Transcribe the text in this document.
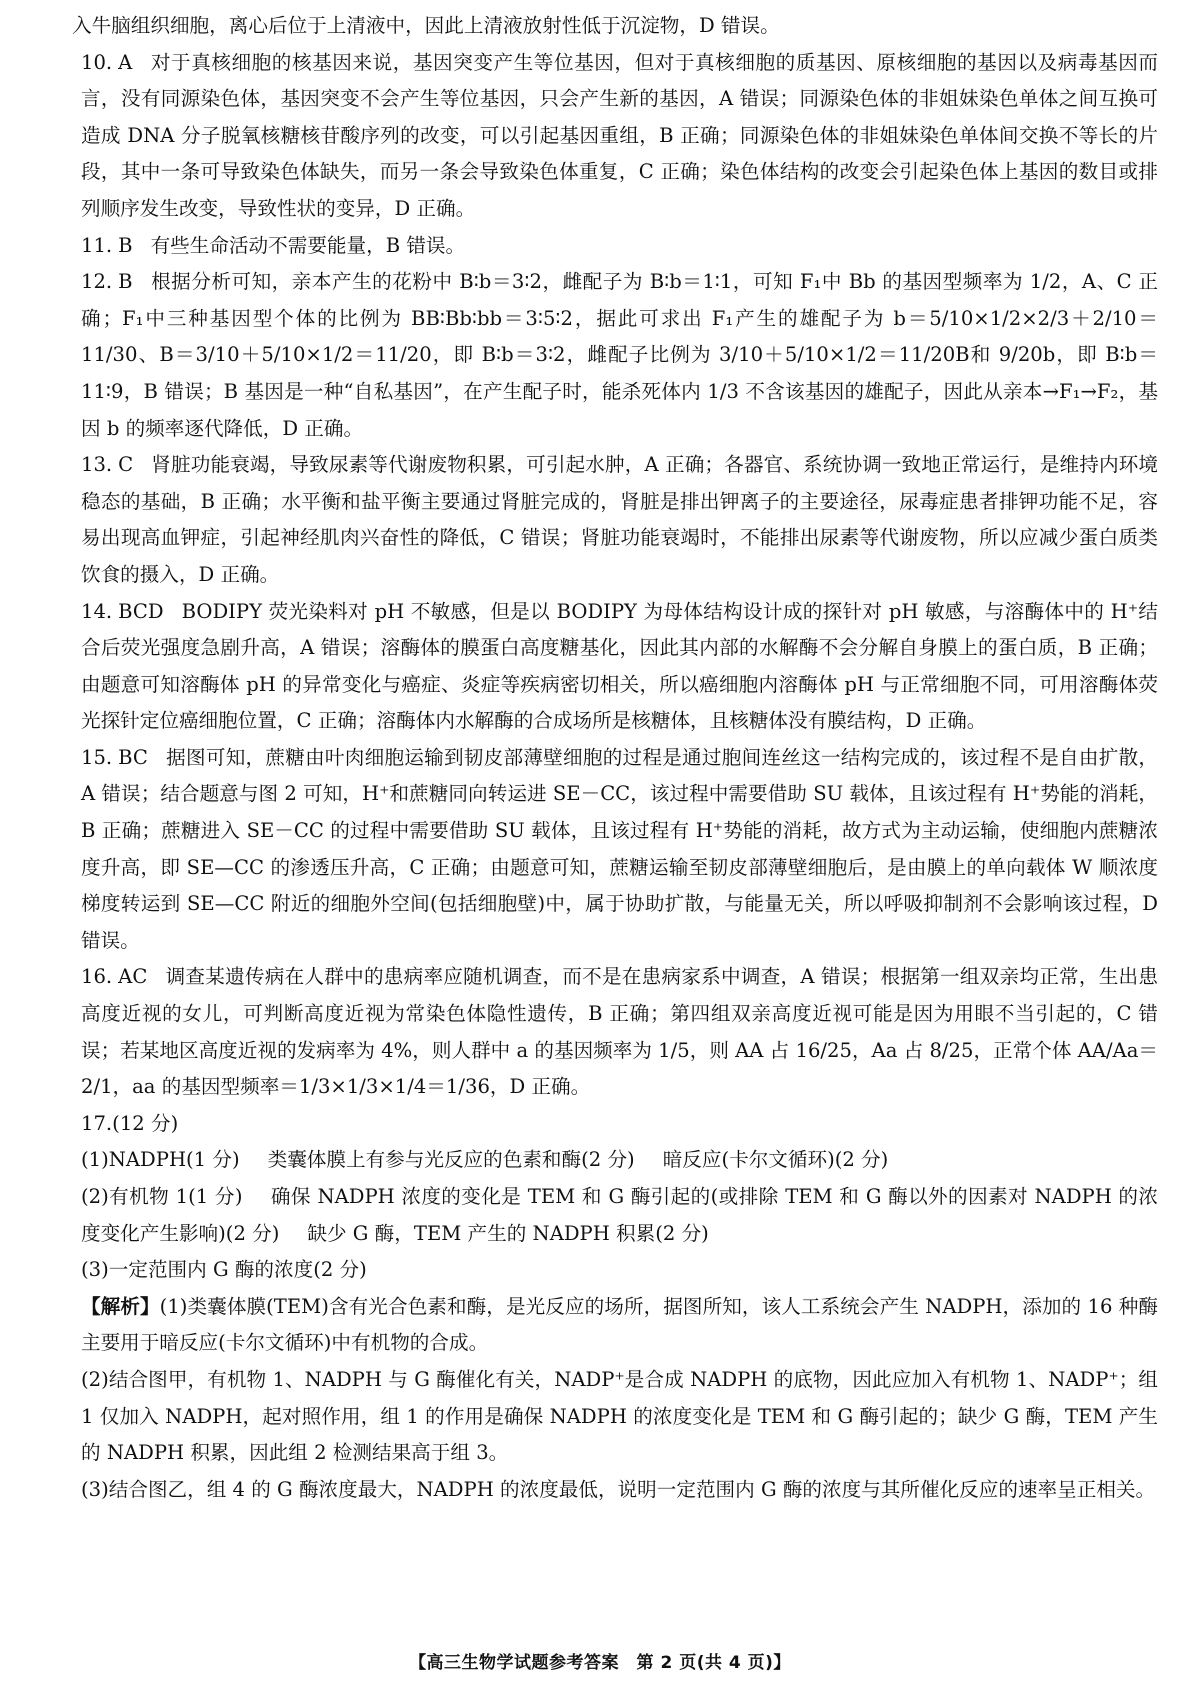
入牛脑组织细胞，离心后位于上清液中，因此上清液放射性低于沉淀物，D 错误。

10. A 对于真核细胞的核基因来说，基因突变产生等位基因，但对于真核细胞的质基因、原核细胞的基因以及病毒基因而言，没有同源染色体，基因突变不会产生等位基因，只会产生新的基因，A 错误；同源染色体的非姐妹染色单体之间互换可造成 DNA 分子脱氧核糖核苷酸序列的改变，可以引起基因重组，B 正确；同源染色体的非姐妹染色单体间交换不等长的片段，其中一条可导致染色体缺失，而另一条会导致染色体重复，C 正确；染色体结构的改变会引起染色体上基因的数目或排列顺序发生改变，导致性状的变异，D 正确。

11. B 有些生命活动不需要能量，B 错误。

12. B 根据分析可知，亲本产生的花粉中 B∶b＝3∶2，雌配子为 B∶b＝1∶1，可知 F₁中 Bb 的基因型频率为 1/2，A、C 正确；F₁中三种基因型个体的比例为 BB∶Bb∶bb＝3∶5∶2，据此可求出 F₁产生的雄配子为 b＝5/10×1/2×2/3＋2/10＝11/30、B＝3/10＋5/10×1/2＝11/20，即 B∶b＝3∶2，雌配子比例为 3/10＋5/10×1/2＝11/20B和 9/20b，即 B∶b＝11∶9，B 错误；B 基因是一种“自私基因”，在产生配子时，能杀死体内 1/3 不含该基因的雄配子，因此从亲本→F₁→F₂，基因 b 的频率逐代降低，D 正确。

13. C 肾脏功能衰竭，导致尿素等代谢废物积累，可引起水肿，A 正确；各器官、系统协调一致地正常运行，是维持内环境稳态的基础，B 正确；水平衡和盐平衡主要通过肾脏完成的，肾脏是排出钾离子的主要途径，尿毒症患者排钾功能不足，容易出现高血钾症，引起神经肌肉兴奋性的降低，C 错误；肾脏功能衰竭时，不能排出尿素等代谢废物，所以应减少蛋白质类饮食的摄入，D 正确。

14. BCD BODIPY 荧光染料对 pH 不敏感，但是以 BODIPY 为母体结构设计成的探针对 pH 敏感，与溶酶体中的 H⁺结合后荧光强度急剧升高，A 错误；溶酶体的膜蛋白高度糖基化，因此其内部的水解酶不会分解自身膜上的蛋白质，B 正确；由题意可知溶酶体 pH 的异常变化与癌症、炎症等疾病密切相关，所以癌细胞内溶酶体 pH 与正常细胞不同，可用溶酶体荧光探针定位癌细胞位置，C 正确；溶酶体内水解酶的合成场所是核糖体，且核糖体没有膜结构，D 正确。

15. BC 据图可知，蔗糖由叶肉细胞运输到韧皮部薄壁细胞的过程是通过胞间连丝这一结构完成的，该过程不是自由扩散，A 错误；结合题意与图 2 可知，H⁺和蔗糖同向转运进 SE－CC，该过程中需要借助 SU 载体，且该过程有 H⁺势能的消耗，B 正确；蔗糖进入 SE－CC 的过程中需要借助 SU 载体，且该过程有 H⁺势能的消耗，故方式为主动运输，使细胞内蔗糖浓度升高，即 SE—CC 的渗透压升高，C 正确；由题意可知，蔗糖运输至韧皮部薄壁细胞后，是由膜上的单向载体 W 顺浓度梯度转运到 SE—CC 附近的细胞外空间(包括细胞壁)中，属于协助扩散，与能量无关，所以呼吸抑制剂不会影响该过程，D 错误。

16. AC 调查某遗传病在人群中的患病率应随机调查，而不是在患病家系中调查，A 错误；根据第一组双亲均正常，生出患高度近视的女儿，可判断高度近视为常染色体隐性遗传，B 正确；第四组双亲高度近视可能是因为用眼不当引起的，C 错误；若某地区高度近视的发病率为 4%，则人群中 a 的基因频率为 1/5，则 AA 占 16/25，Aa 占 8/25，正常个体 AA/Aa＝2/1，aa 的基因型频率＝1/3×1/3×1/4＝1/36，D 正确。

17.(12 分)

(1)NADPH(1 分) 类囊体膜上有参与光反应的色素和酶(2 分) 暗反应(卡尔文循环)(2 分)

(2)有机物 1(1 分) 确保 NADPH 浓度的变化是 TEM 和 G 酶引起的(或排除 TEM 和 G 酶以外的因素对 NADPH 的浓度变化产生影响)(2 分) 缺少 G 酶，TEM 产生的 NADPH 积累(2 分)

(3)一定范围内 G 酶的浓度(2 分)

【解析】(1)类囊体膜(TEM)含有光合色素和酶，是光反应的场所，据图所知，该人工系统会产生 NADPH，添加的 16 种酶主要用于暗反应(卡尔文循环)中有机物的合成。

(2)结合图甲，有机物 1、NADPH 与 G 酶催化有关，NADP⁺是合成 NADPH 的底物，因此应加入有机物 1、NADP⁺；组 1 仅加入 NADPH，起对照作用，组 1 的作用是确保 NADPH 的浓度变化是 TEM 和 G 酶引起的；缺少 G 酶，TEM 产生的 NADPH 积累，因此组 2 检测结果高于组 3。

(3)结合图乙，组 4 的 G 酶浓度最大，NADPH 的浓度最低，说明一定范围内 G 酶的浓度与其所催化反应的速率呈正相关。

【高三生物学试题参考答案　第 2 页(共 4 页)】
